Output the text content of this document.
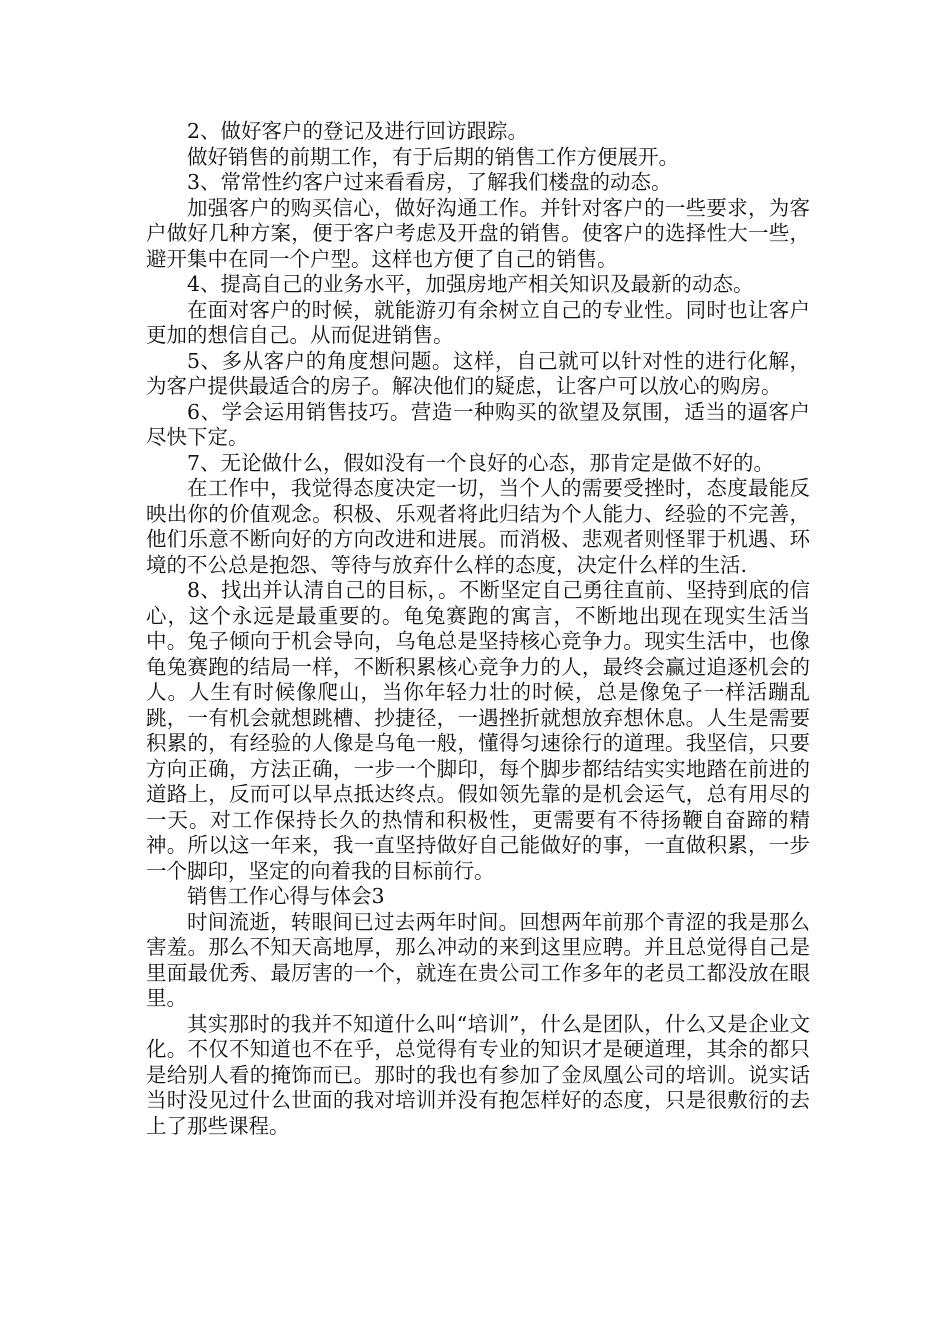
2、做好客户的登记及进行回访跟踪。

做好销售的前期工作，有于后期的销售工作方便展开。

3、常常性约客户过来看看房，了解我们楼盘的动态。

加强客户的购买信心，做好沟通工作。并针对客户的一些要求，为客户做好几种方案，便于客户考虑及开盘的销售。使客户的选择性大一些，避开集中在同一个户型。这样也方便了自己的销售。

4、提高自己的业务水平，加强房地产相关知识及最新的动态。

在面对客户的时候，就能游刃有余树立自己的专业性。同时也让客户更加的想信自己。从而促进销售。

5、多从客户的角度想问题。这样，自己就可以针对性的进行化解，为客户提供最适合的房子。解决他们的疑虑，让客户可以放心的购房。

6、学会运用销售技巧。营造一种购买的欲望及氛围，适当的逼客户尽快下定。

7、无论做什么，假如没有一个良好的心态，那肯定是做不好的。

在工作中，我觉得态度决定一切，当个人的需要受挫时，态度最能反映出你的价值观念。积极、乐观者将此归结为个人能力、经验的不完善，他们乐意不断向好的方向改进和进展。而消极、悲观者则怪罪于机遇、环境的不公总是抱怨、等待与放弃什么样的态度，决定什么样的生活.

8、找出并认清自己的目标，。不断坚定自己勇往直前、坚持到底的信心，这个永远是最重要的。龟兔赛跑的寓言，不断地出现在现实生活当中。兔子倾向于机会导向，乌龟总是坚持核心竞争力。现实生活中，也像龟兔赛跑的结局一样，不断积累核心竞争力的人，最终会赢过追逐机会的人。人生有时候像爬山，当你年轻力壮的时候，总是像兔子一样活蹦乱跳，一有机会就想跳槽、抄捷径，一遇挫折就想放弃想休息。人生是需要积累的，有经验的人像是乌龟一般，懂得匀速徐行的道理。我坚信，只要方向正确，方法正确，一步一个脚印，每个脚步都结结实实地踏在前进的道路上，反而可以早点抵达终点。假如领先靠的是机会运气，总有用尽的一天。对工作保持长久的热情和积极性，更需要有不待扬鞭自奋蹄的精神。所以这一年来，我一直坚持做好自己能做好的事，一直做积累，一步一个脚印，坚定的向着我的目标前行。

销售工作心得与体会3

时间流逝，转眼间已过去两年时间。回想两年前那个青涩的我是那么害羞。那么不知天高地厚，那么冲动的来到这里应聘。并且总觉得自己是里面最优秀、最厉害的一个，就连在贵公司工作多年的老员工都没放在眼里。

其实那时的我并不知道什么叫“培训”，什么是团队，什么又是企业文化。不仅不知道也不在乎，总觉得有专业的知识才是硬道理，其余的都只是给别人看的掩饰而已。那时的我也有参加了金凤凰公司的培训。说实话当时没见过什么世面的我对培训并没有抱怎样好的态度，只是很敷衍的去上了那些课程。
